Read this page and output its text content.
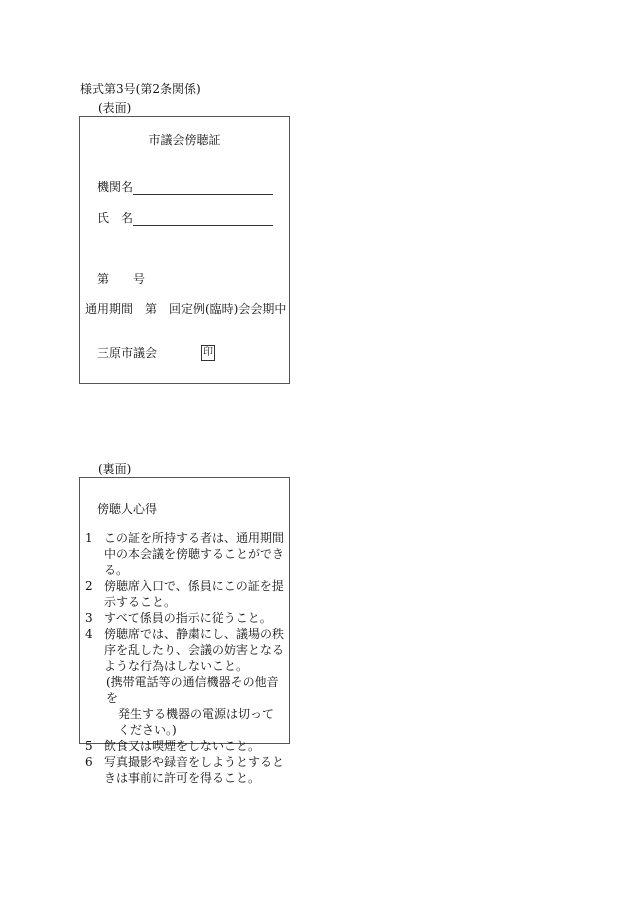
様式第3号(第2条関係)
(表面)
市議会傍聴証
機関名
氏　名
第　　号
通用期間　第　回定例(臨時)会会期中
三原市議会	印
(裏面)
傍聴人心得
1 この証を所持する者は、通用期間中の本会議を傍聴することができる。
2 傍聴席入口で、係員にこの証を提示すること。
3 すべて係員の指示に従うこと。
4 傍聴席では、静粛にし、議場の秩序を乱したり、会議の妨害となるような行為はしないこと。
(携帯電話等の通信機器その他音を
発生する機器の電源は切ってください。)
5 飲食又は喫煙をしないこと。
6 写真撮影や録音をしようとするときは事前に許可を得ること。
